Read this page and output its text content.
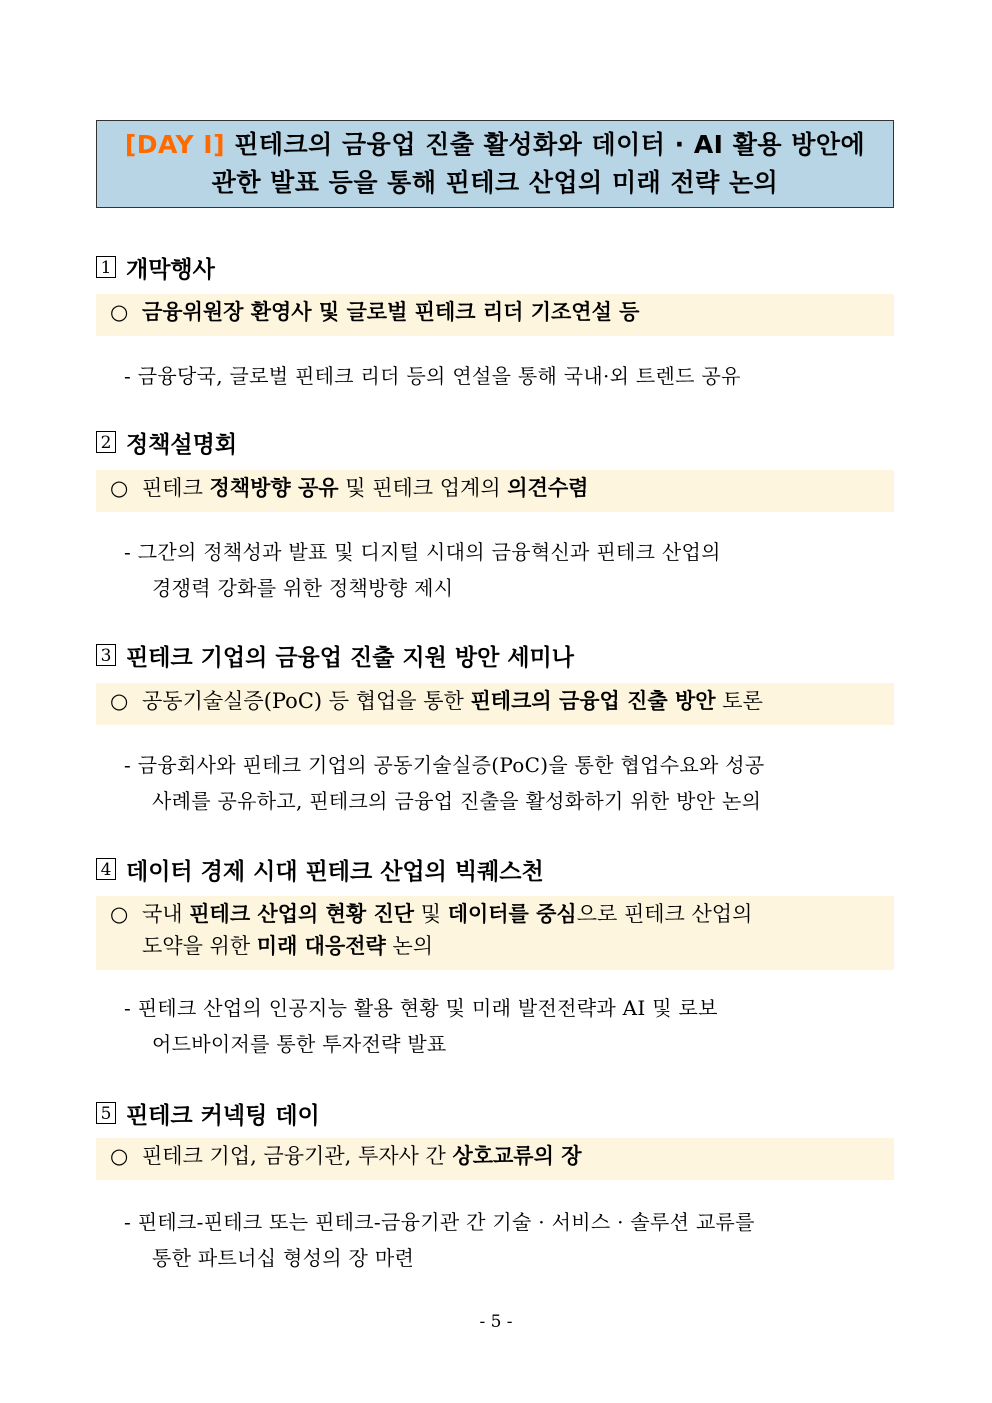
[DAY Ⅰ] 핀테크의 금융업 진출 활성화와 데이터 · AI 활용 방안에
관한 발표 등을 통해 핀테크 산업의 미래 전략 논의
1 개막행사
○ 금융위원장 환영사 및 글로벌 핀테크 리더 기조연설 등
- 금융당국, 글로벌 핀테크 리더 등의 연설을 통해 국내·외 트렌드 공유
2 정책설명회
○ 핀테크 정책방향 공유 및 핀테크 업계의 의견수렴
- 그간의 정책성과 발표 및 디지털 시대의 금융혁신과 핀테크 산업의
경쟁력 강화를 위한 정책방향 제시
3 핀테크 기업의 금융업 진출 지원 방안 세미나
○ 공동기술실증(PoC) 등 협업을 통한 핀테크의 금융업 진출 방안 토론
- 금융회사와 핀테크 기업의 공동기술실증(PoC)을 통한 협업수요와 성공
사례를 공유하고, 핀테크의 금융업 진출을 활성화하기 위한 방안 논의
4 데이터 경제 시대 핀테크 산업의 빅퀘스천
○ 국내 핀테크 산업의 현황 진단 및 데이터를 중심으로 핀테크 산업의
도약을 위한 미래 대응전략 논의
- 핀테크 산업의 인공지능 활용 현황 및 미래 발전전략과 AI 및 로보
어드바이저를 통한 투자전략 발표
5 핀테크 커넥팅 데이
○ 핀테크 기업, 금융기관, 투자사 간 상호교류의 장
- 핀테크-핀테크 또는 핀테크-금융기관 간 기술 · 서비스 · 솔루션 교류를
통한 파트너십 형성의 장 마련
- 5 -
